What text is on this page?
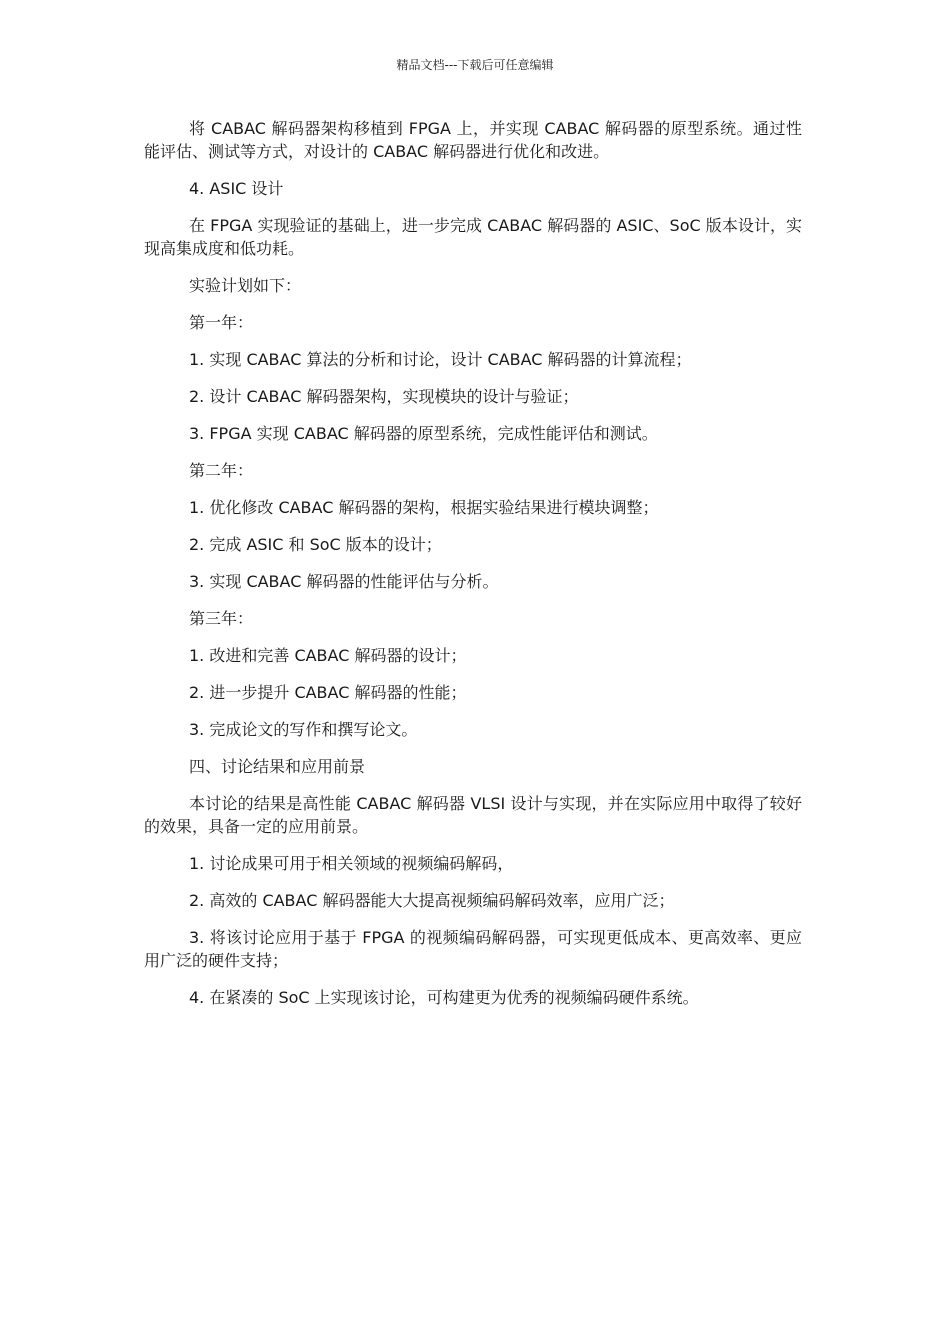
精品文档---下载后可任意编辑

将 CABAC 解码器架构移植到 FPGA 上，并实现 CABAC 解码器的原型系统。通过性能评估、测试等方式，对设计的 CABAC 解码器进行优化和改进。

4. ASIC 设计

在 FPGA 实现验证的基础上，进一步完成 CABAC 解码器的 ASIC、SoC 版本设计，实现高集成度和低功耗。

实验计划如下：

第一年：

1. 实现 CABAC 算法的分析和讨论，设计 CABAC 解码器的计算流程；

2. 设计 CABAC 解码器架构，实现模块的设计与验证；

3. FPGA 实现 CABAC 解码器的原型系统，完成性能评估和测试。

第二年：

1. 优化修改 CABAC 解码器的架构，根据实验结果进行模块调整；

2. 完成 ASIC 和 SoC 版本的设计；

3. 实现 CABAC 解码器的性能评估与分析。

第三年：

1. 改进和完善 CABAC 解码器的设计；

2. 进一步提升 CABAC 解码器的性能；

3. 完成论文的写作和撰写论文。

四、讨论结果和应用前景

本讨论的结果是高性能 CABAC 解码器 VLSI 设计与实现，并在实际应用中取得了较好的效果，具备一定的应用前景。

1. 讨论成果可用于相关领域的视频编码解码，

2. 高效的 CABAC 解码器能大大提高视频编码解码效率，应用广泛；

3. 将该讨论应用于基于 FPGA 的视频编码解码器，可实现更低成本、更高效率、更应用广泛的硬件支持；

4. 在紧凑的 SoC 上实现该讨论，可构建更为优秀的视频编码硬件系统。
